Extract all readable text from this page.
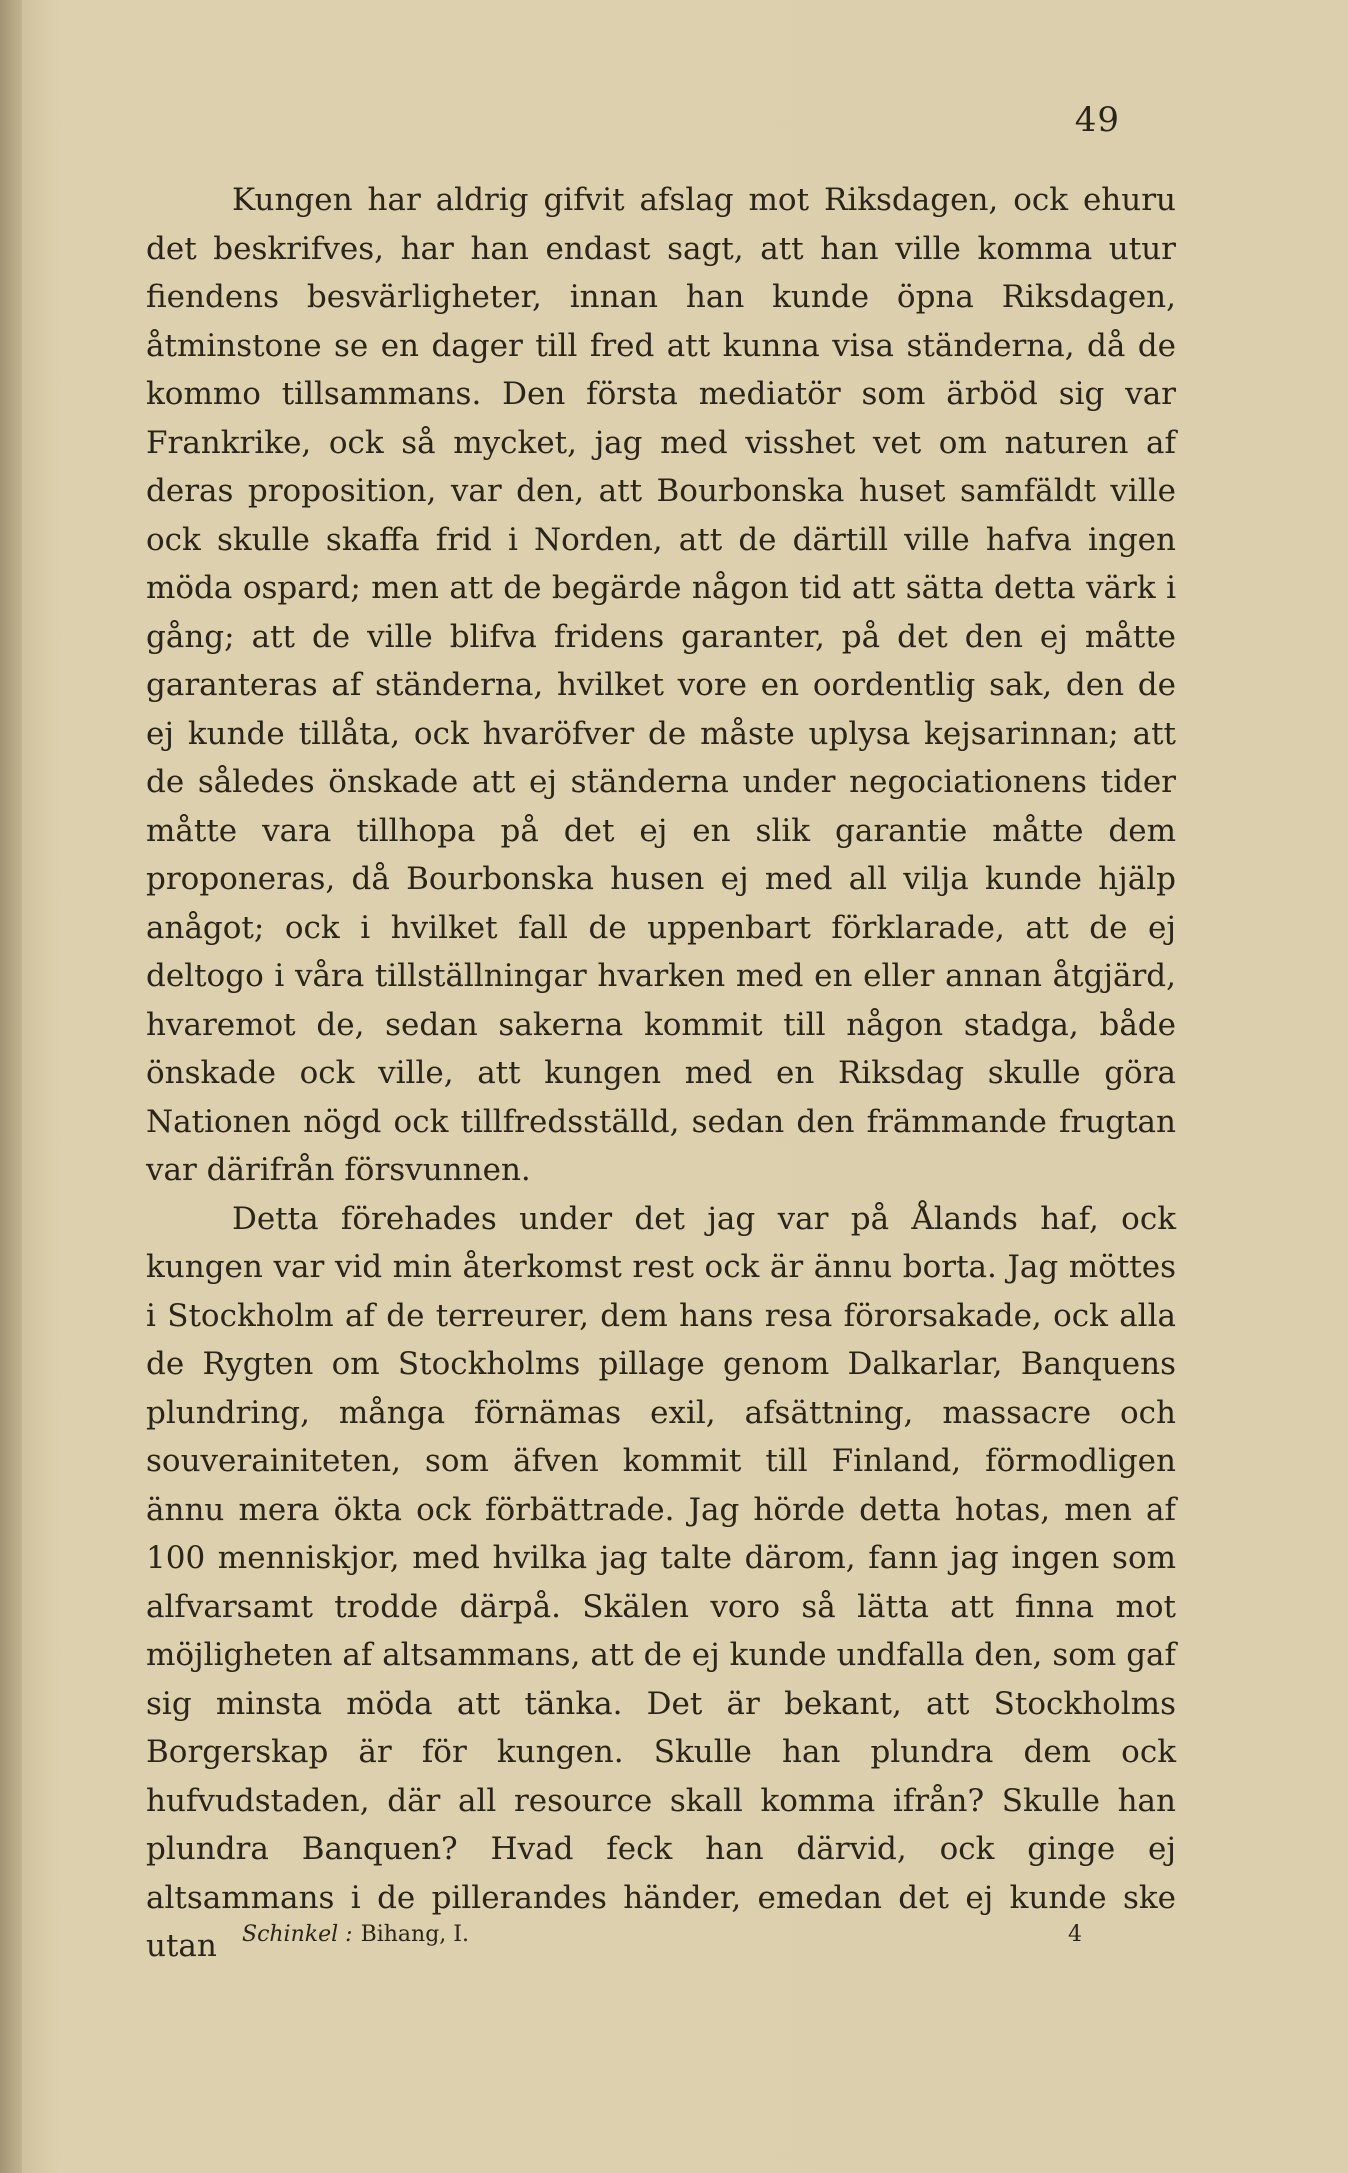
49

Kungen har aldrig gifvit afslag mot Riksdagen, ock ehuru det beskrifves, har han endast sagt, att han ville komma utur fiendens besvärligheter, innan han kunde öpna Riksdagen, åtminstone se en dager till fred att kunna visa ständerna, då de kommo tillsammans. Den första mediatör som ärböd sig var Frankrike, ock så mycket, jag med visshet vet om naturen af deras proposition, var den, att Bourbonska huset samfäldt ville ock skulle skaffa frid i Norden, att de därtill ville hafva ingen möda ospard; men att de begärde någon tid att sätta detta värk i gång; att de ville blifva fridens garanter, på det den ej måtte garanteras af ständerna, hvilket vore en oordentlig sak, den de ej kunde tillåta, ock hvaröfver de måste uplysa kejsarinnan; att de således önskade att ej ständerna under negociationens tider måtte vara tillhopa på det ej en slik garantie måtte dem proponeras, då Bourbonska husen ej med all vilja kunde hjälp anågot; ock i hvilket fall de uppenbart förklarade, att de ej deltogo i våra tillställningar hvarken med en eller annan åtgjärd, hvaremot de, sedan sakerna kommit till någon stadga, både önskade ock ville, att kungen med en Riksdag skulle göra Nationen nögd ock tillfredsställd, sedan den främmande frugtan var därifrån försvunnen.

Detta förehades under det jag var på Ålands haf, ock kungen var vid min återkomst rest ock är ännu borta. Jag möttes i Stockholm af de terreurer, dem hans resa förorsakade, ock alla de Rygten om Stockholms pillage genom Dalkarlar, Banquens plundring, många förnämas exil, afsättning, massacre och souverainiteten, som äfven kommit till Finland, förmodligen ännu mera ökta ock förbättrade. Jag hörde detta hotas, men af 100 menniskjor, med hvilka jag talte därom, fann jag ingen som alfvarsamt trodde därpå. Skälen voro så lätta att finna mot möjligheten af altsammans, att de ej kunde undfalla den, som gaf sig minsta möda att tänka. Det är bekant, att Stockholms Borgerskap är för kungen. Skulle han plundra dem ock hufvudstaden, där all resource skall komma ifrån? Skulle han plundra Banquen? Hvad feck han därvid, ock ginge ej altsammans i de pillerandes händer, emedan det ej kunde ske utan	Schinkel : Bihang, I.	4
